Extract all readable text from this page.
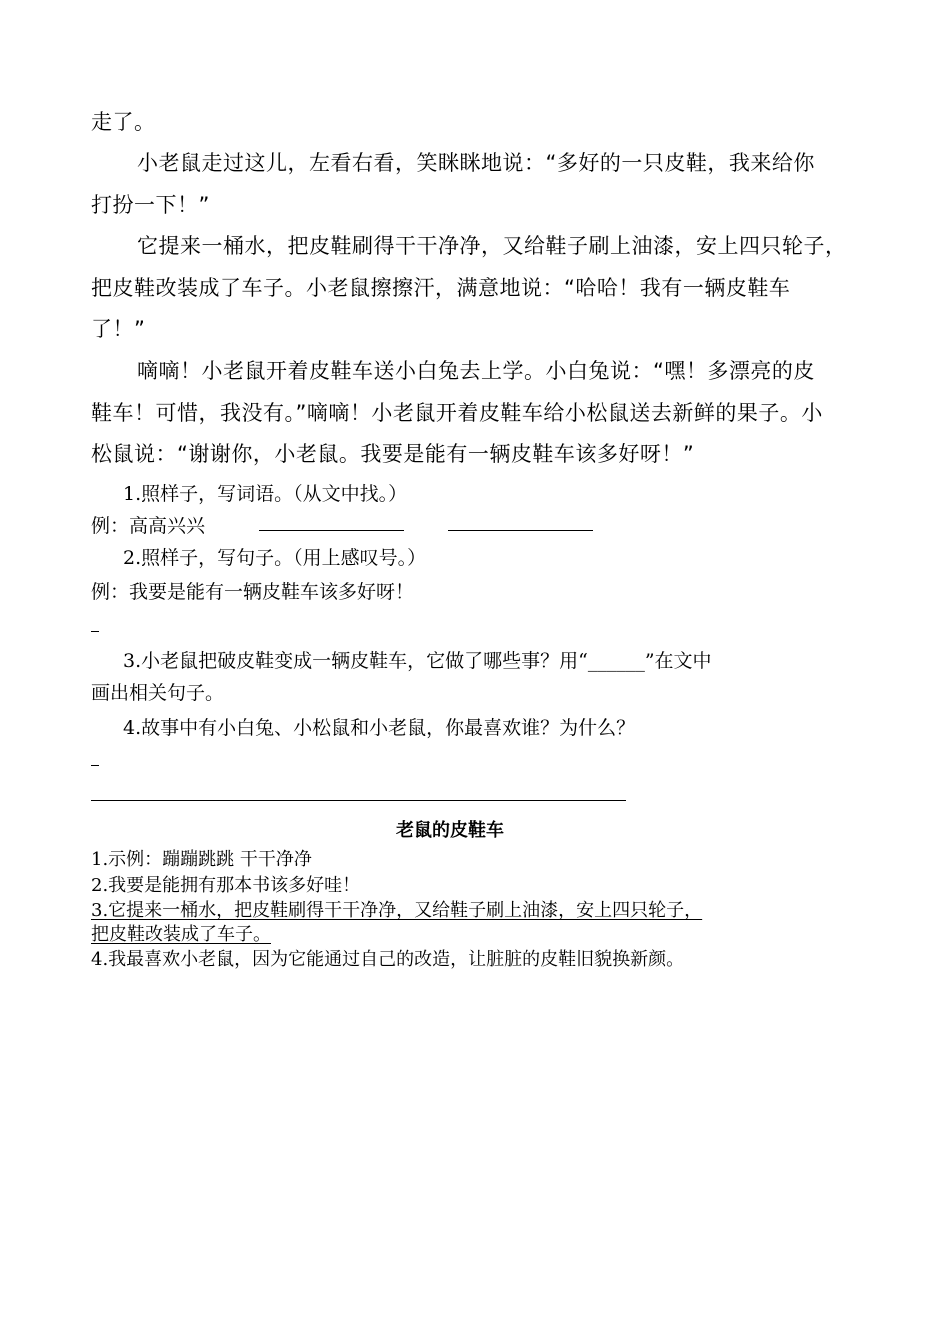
走了。

小老鼠走过这儿，左看右看，笑眯眯地说：“多好的一只皮鞋，我来给你

打扮一下！”

它提来一桶水，把皮鞋刷得干干净净，又给鞋子刷上油漆，安上四只轮子，

把皮鞋改装成了车子。小老鼠擦擦汗，满意地说：“哈哈！我有一辆皮鞋车

了！”

嘀嘀！小老鼠开着皮鞋车送小白兔去上学。小白兔说：“嘿！多漂亮的皮

鞋车！可惜，我没有。”嘀嘀！小老鼠开着皮鞋车给小松鼠送去新鲜的果子。小

松鼠说：“谢谢你，小老鼠。我要是能有一辆皮鞋车该多好呀！”

1.照样子，写词语。（从文中找。）

例：高高兴兴

2.照样子，写句子。（用上感叹号。）

例：我要是能有一辆皮鞋车该多好呀！

3.小老鼠把破皮鞋变成一辆皮鞋车，它做了哪些事？用“______”在文中

画出相关句子。

4.故事中有小白兔、小松鼠和小老鼠，你最喜欢谁？为什么？

老鼠的皮鞋车

1.示例：蹦蹦跳跳 干干净净

2.我要是能拥有那本书该多好哇！

3.它提来一桶水，把皮鞋刷得干干净净，又给鞋子刷上油漆，安上四只轮子，

把皮鞋改装成了车子。

4.我最喜欢小老鼠，因为它能通过自己的改造，让脏脏的皮鞋旧貌换新颜。
